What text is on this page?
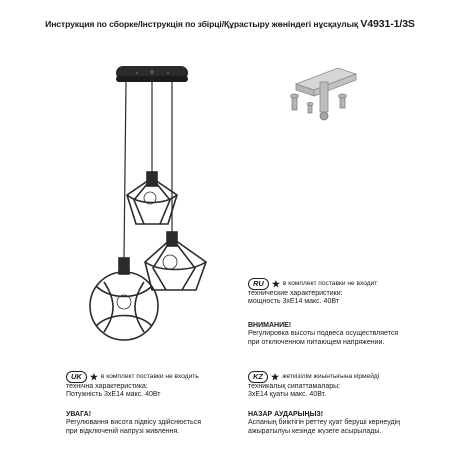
Инструкция по сборке/Інструкція по збірці/Құрастыру жөніндегі нұсқаулық V4931-1/3S
RU ★ в комплект поставки не входит
технические характеристики:
мощность 3хE14 макс. 40Вт
ВНИМАНИЕ!
Регулировка высоты подвеса осуществляется
при отключенном питающем напряжении.
UK ★ в комплект поставки не входить
технічна характеристика:
Потужність 3хE14 макс. 40Вт
УВАГА!
Регулювання висота підвісу здійснюється
при відключеній напрузі живлення.
KZ ★ жеткізілім жиынтығына кірмейді
техникалық сипаттамалары:
3хE14 қуаты макс. 40Вт.
НАЗАР АУДАРЫҢЫЗ!
Аспаның биіктігін реттеу қуат беруші кернеудің
ажыратылуы кезінде жүзеге асырылады.
